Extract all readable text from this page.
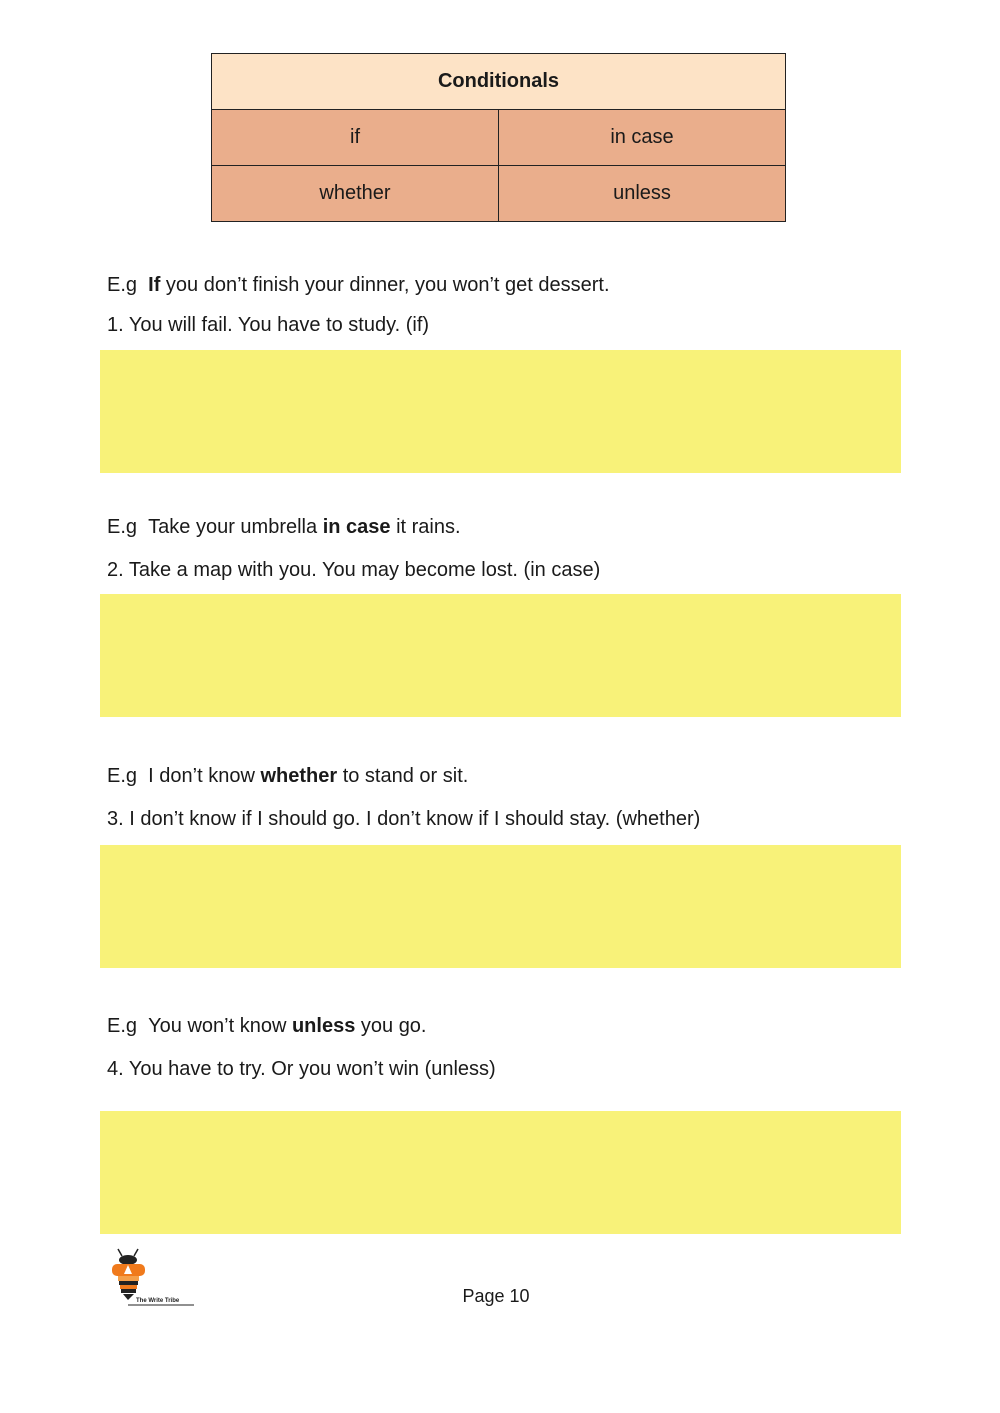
Conditionals	
if	in case
whether	unless
E.g If you don’t finish your dinner, you won’t get dessert.
1. You will fail. You have to study. (if)
E.g Take your umbrella in case it rains.
2. Take a map with you. You may become lost. (in case)
E.g I don’t know whether to stand or sit.
3. I don’t know if I should go. I don’t know if I should stay. (whether)
E.g You won’t know unless you go.
4. You have to try. Or you won’t win (unless)
The Write Tribe	Page 10
